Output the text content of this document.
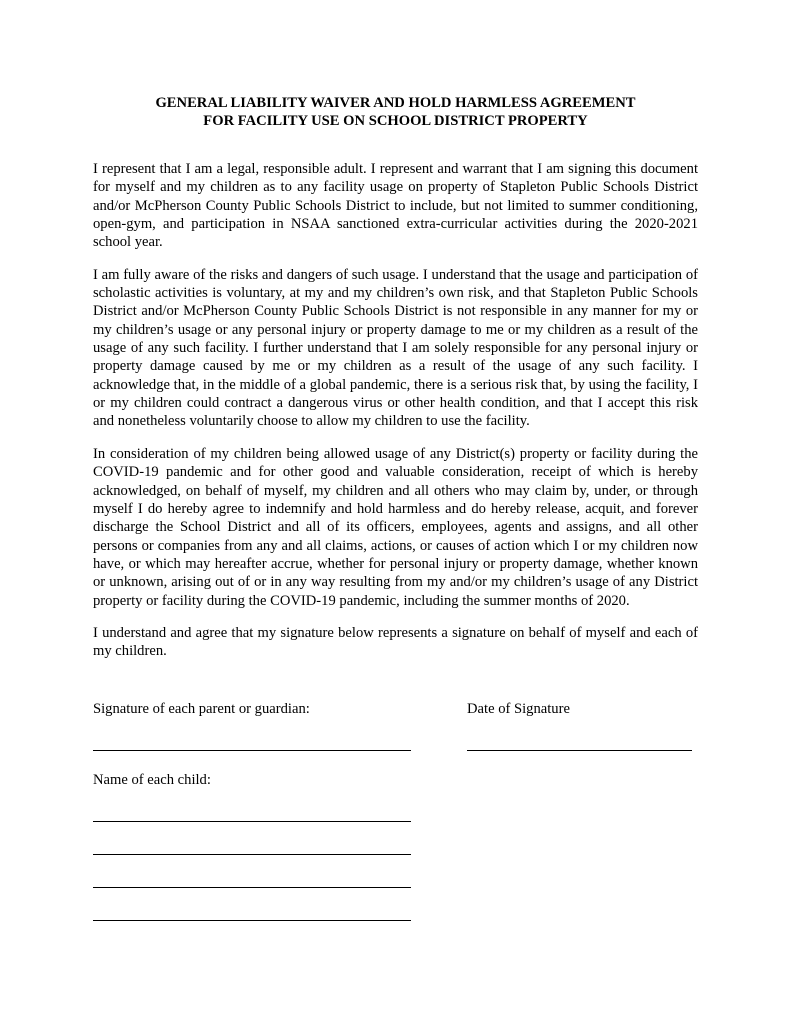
GENERAL LIABILITY WAIVER AND HOLD HARMLESS AGREEMENT
FOR FACILITY USE ON SCHOOL DISTRICT PROPERTY

I represent that I am a legal, responsible adult. I represent and warrant that I am signing this document for myself and my children as to any facility usage on property of Stapleton Public Schools District and/or McPherson County Public Schools District to include, but not limited to summer conditioning, open-gym, and participation in NSAA sanctioned extra-curricular activities during the 2020-2021 school year.

I am fully aware of the risks and dangers of such usage. I understand that the usage and participation of scholastic activities is voluntary, at my and my children’s own risk, and that Stapleton Public Schools District and/or McPherson County Public Schools District is not responsible in any manner for my or my children’s usage or any personal injury or property damage to me or my children as a result of the usage of any such facility. I further understand that I am solely responsible for any personal injury or property damage caused by me or my children as a result of the usage of any such facility. I acknowledge that, in the middle of a global pandemic, there is a serious risk that, by using the facility, I or my children could contract a dangerous virus or other health condition, and that I accept this risk and nonetheless voluntarily choose to allow my children to use the facility.

In consideration of my children being allowed usage of any District(s) property or facility during the COVID-19 pandemic and for other good and valuable consideration, receipt of which is hereby acknowledged, on behalf of myself, my children and all others who may claim by, under, or through myself I do hereby agree to indemnify and hold harmless and do hereby release, acquit, and forever discharge the School District and all of its officers, employees, agents and assigns, and all other persons or companies from any and all claims, actions, or causes of action which I or my children now have, or which may hereafter accrue, whether for personal injury or property damage, whether known or unknown, arising out of or in any way resulting from my and/or my children’s usage of any District property or facility during the COVID-19 pandemic, including the summer months of 2020.

I understand and agree that my signature below represents a signature on behalf of myself and each of my children.

Signature of each parent or guardian:	Date of Signature
Name of each child:
